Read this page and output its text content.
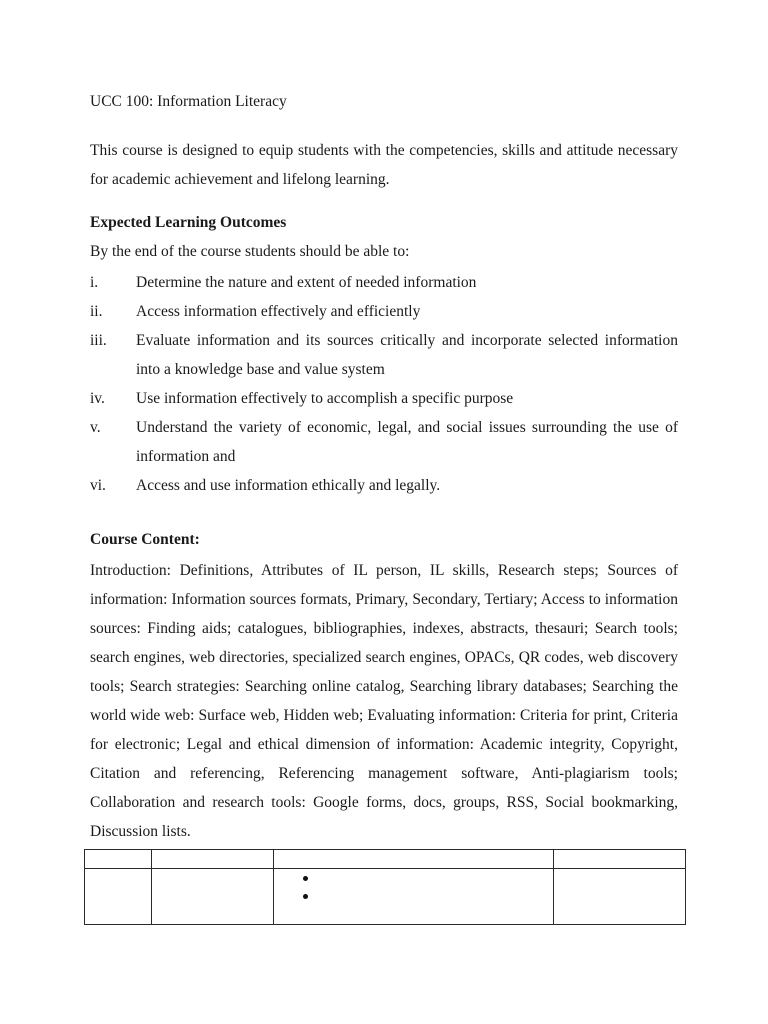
UCC 100: Information Literacy
This course is designed to equip students with the competencies, skills and attitude necessary for academic achievement and lifelong learning.
Expected Learning Outcomes
By the end of the course students should be able to:
i.	Determine the nature and extent of needed information
ii.	Access information effectively and efficiently
iii.	Evaluate information and its sources critically and incorporate selected information into a knowledge base and value system
iv.	Use information effectively to accomplish a specific purpose
v.	Understand the variety of economic, legal, and social issues surrounding the use of information and
vi.	Access and use information ethically and legally.
Course Content:
Introduction: Definitions, Attributes of IL person, IL skills, Research steps; Sources of information: Information sources formats, Primary, Secondary, Tertiary; Access to information sources: Finding aids; catalogues, bibliographies, indexes, abstracts, thesauri; Search tools; search engines, web directories, specialized search engines, OPACs, QR codes, web discovery tools; Search strategies: Searching online catalog, Searching library databases; Searching the world wide web: Surface web, Hidden web; Evaluating information: Criteria for print, Criteria for electronic; Legal and ethical dimension of information: Academic integrity, Copyright, Citation and referencing, Referencing management software, Anti-plagiarism tools; Collaboration and research tools: Google forms, docs, groups, RSS, Social bookmarking, Discussion lists.
